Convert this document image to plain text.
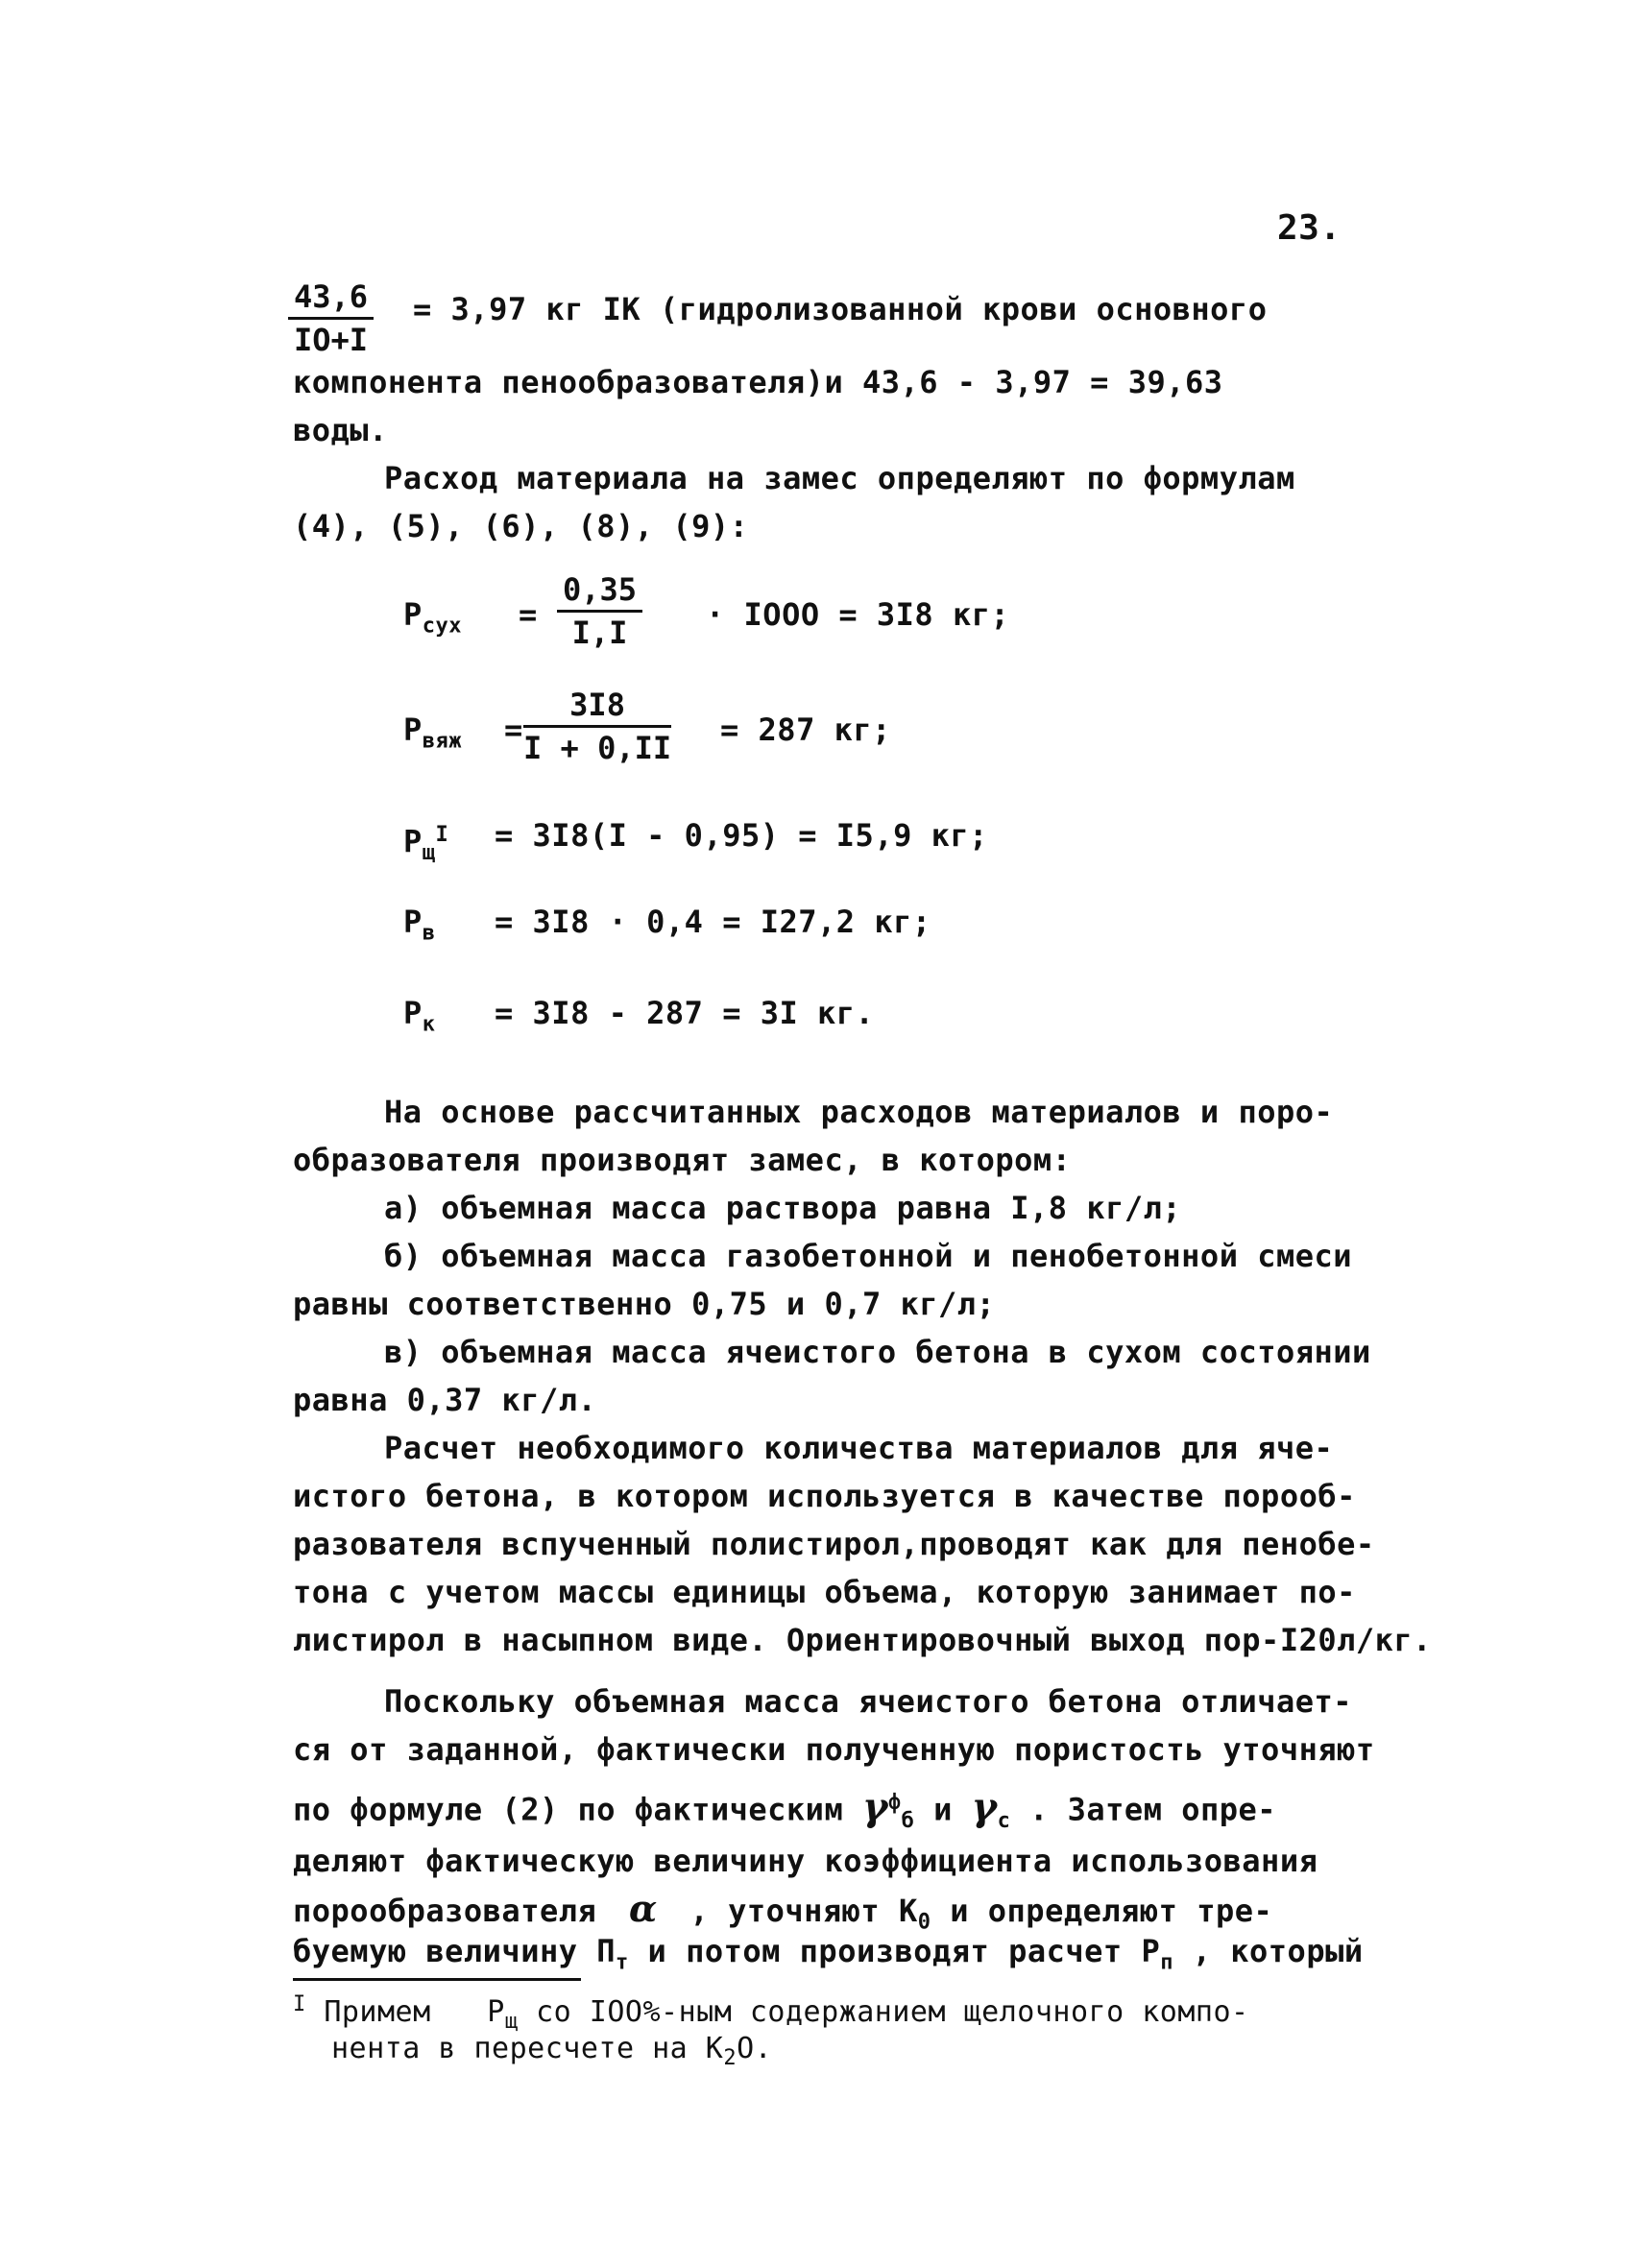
23.
$\frac{43,6}{IO+I} = 3,97$ кг IК (гидролизованной крови основного
компонента пенообразователя)и 43,6 - 3,97 = 39,63
воды.
Расход материала на замес определяют по формулам
(4), (5), (6), (8), (9):
$P_{сух} = \frac{0,35}{I,I}$ · IOOO = 3I8 кг;
$P_{вяж} = \frac{3I8}{I + 0,II} = 287$ кг;
$P_щ^I = 3I8(I - 0,95) = I5,9$ кг;
$P_в = 3I8 \cdot 0,4 = I27,2$ кг;
$P_к = 3I8 - 287 = 3I$ кг.
На основе рассчитанных расходов материалов и поро-
образователя производят замес, в котором:
а) объемная масса раствора равна I,8 кг/л;
б) объемная масса газобетонной и пенобетонной смеси
равны соответственно 0,75 и 0,7 кг/л;
в) объемная масса ячеистого бетона в сухом состоянии
равна 0,37 кг/л.
Расчет необходимого количества материалов для яче-
истого бетона, в котором используется в качестве порооб-
разователя вспученный полистирол,проводят как для пенобе-
тона с учетом массы единицы объема, которую занимает по-
листирол в насыпном виде. Ориентировочный выход пор-I20л/кг.
Поскольку объемная масса ячеистого бетона отличает-
ся от заданной, фактически полученную пористость уточняют
по формуле (2) по фактическим $\gamma^ф_б$ и $\gamma_с$ . Затем опре-
деляют фактическую величину коэффициента использования
порообразователя α , уточняют $К_0$ и определяют тре-
буемую величину $П_т$ и потом производят расчет $Р_п$ , который
$^I$ Примем $Р_щ$ со IOO%-ным содержанием щелочного компо-
нента в пересчете на $К_2О$.
